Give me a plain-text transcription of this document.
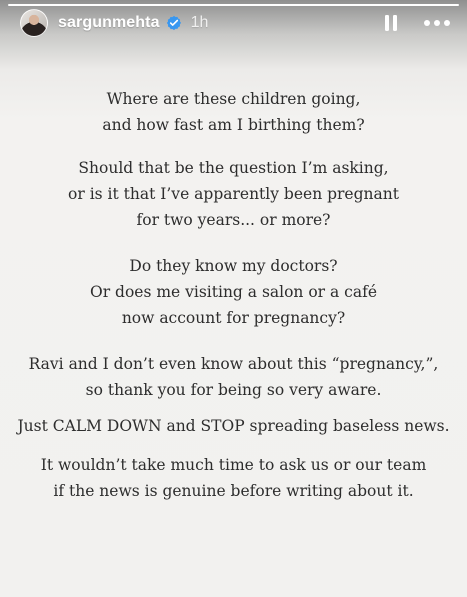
sargunmehta 1h
Where are these children going,
and how fast am I birthing them?
Should that be the question I’m asking,
or is it that I’ve apparently been pregnant
for two years... or more?
Do they know my doctors?
Or does me visiting a salon or a café
now account for pregnancy?
Ravi and I don’t even know about this “pregnancy,”,
so thank you for being so very aware.
Just CALM DOWN and STOP spreading baseless news.
It wouldn’t take much time to ask us or our team
if the news is genuine before writing about it.
